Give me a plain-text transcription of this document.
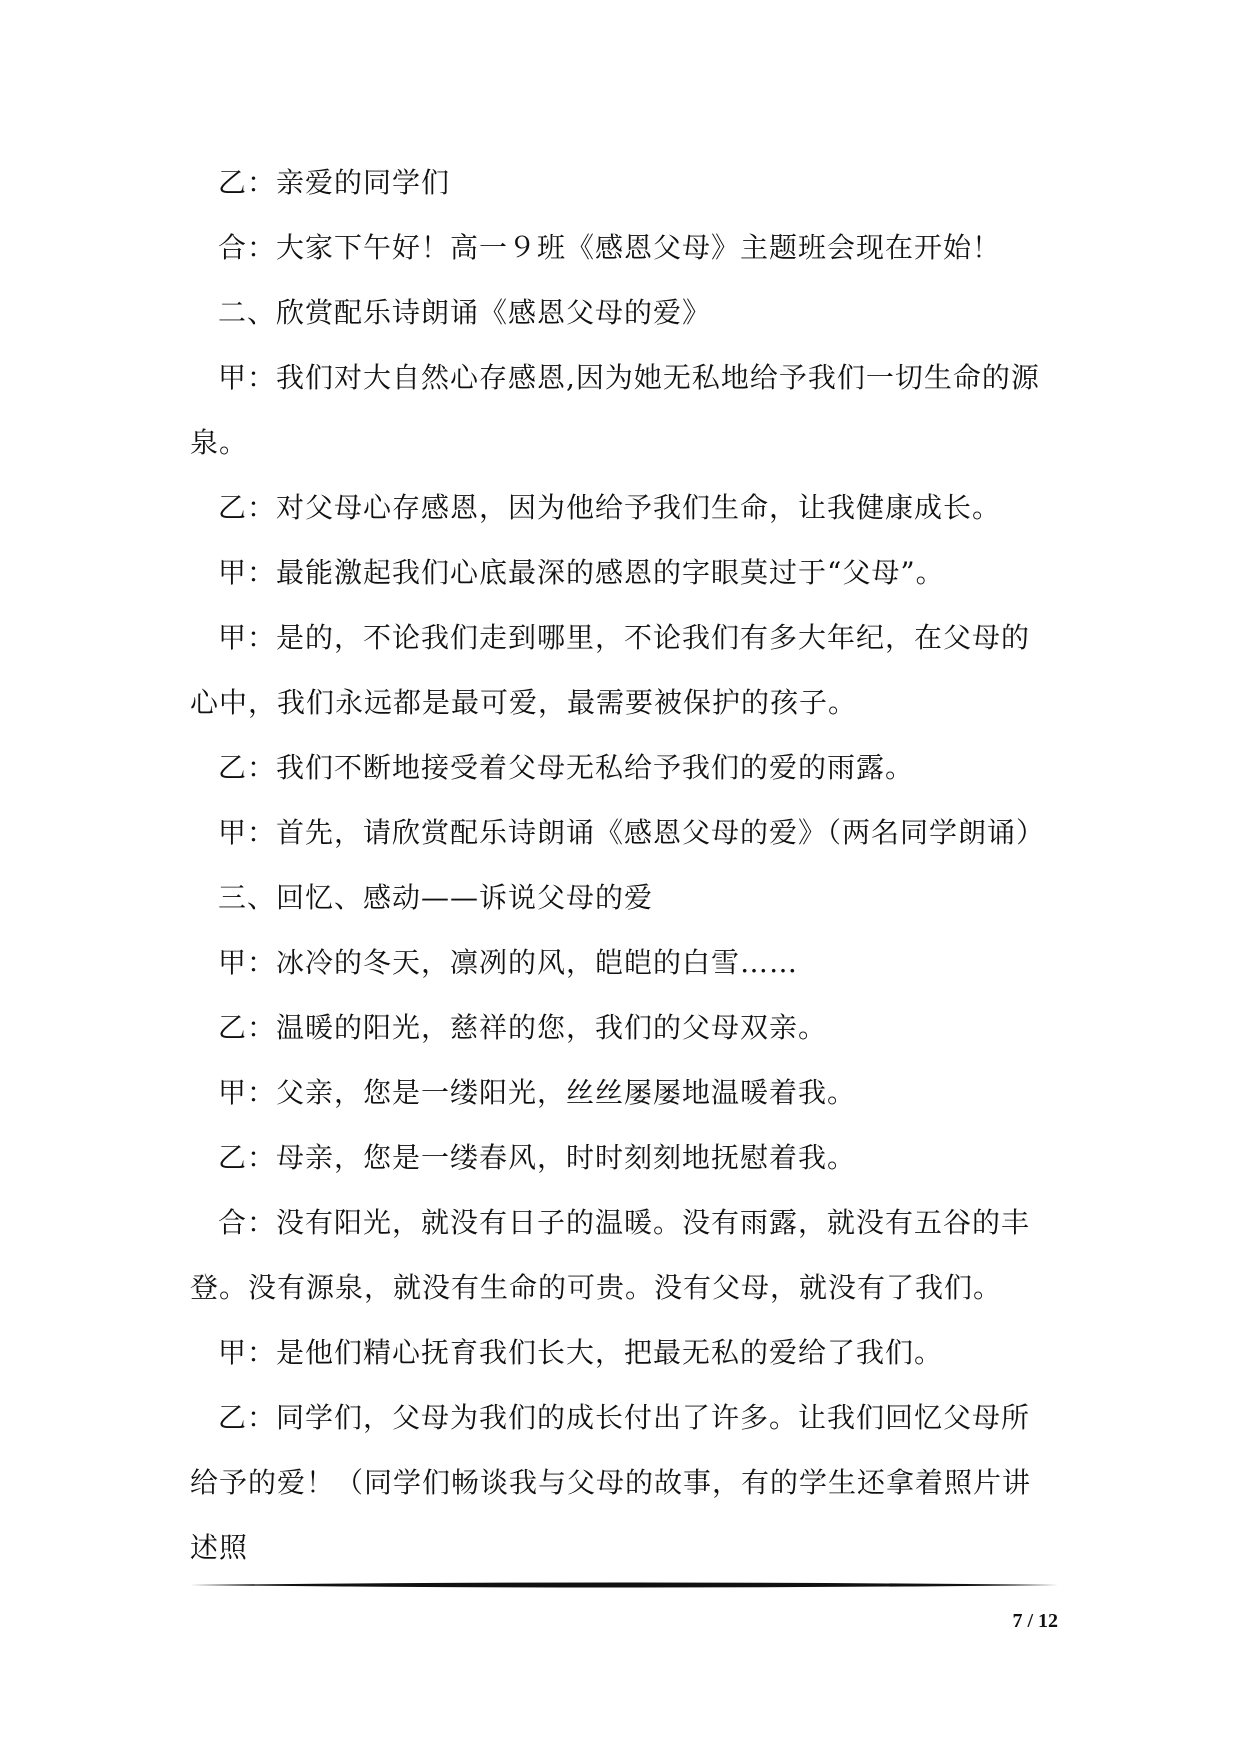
乙：亲爱的同学们

合：大家下午好！高一９班《感恩父母》主题班会现在开始！

二、欣赏配乐诗朗诵《感恩父母的爱》

甲：我们对大自然心存感恩,因为她无私地给予我们一切生命的源泉。

乙：对父母心存感恩，因为他给予我们生命，让我健康成长。

甲：最能激起我们心底最深的感恩的字眼莫过于“父母”。

甲：是的，不论我们走到哪里，不论我们有多大年纪，在父母的心中，我们永远都是最可爱，最需要被保护的孩子。

乙：我们不断地接受着父母无私给予我们的爱的雨露。

甲：首先，请欣赏配乐诗朗诵《感恩父母的爱》（两名同学朗诵）

三、回忆、感动——诉说父母的爱

甲：冰冷的冬天，凛冽的风，皑皑的白雪……

乙：温暖的阳光，慈祥的您，我们的父母双亲。

甲：父亲，您是一缕阳光，丝丝屡屡地温暖着我。

乙：母亲，您是一缕春风，时时刻刻地抚慰着我。

合：没有阳光，就没有日子的温暖。没有雨露，就没有五谷的丰登。没有源泉，就没有生命的可贵。没有父母，就没有了我们。

甲：是他们精心抚育我们长大，把最无私的爱给了我们。

乙：同学们，父母为我们的成长付出了许多。让我们回忆父母所给予的爱！（同学们畅谈我与父母的故事，有的学生还拿着照片讲述照

7 / 12
